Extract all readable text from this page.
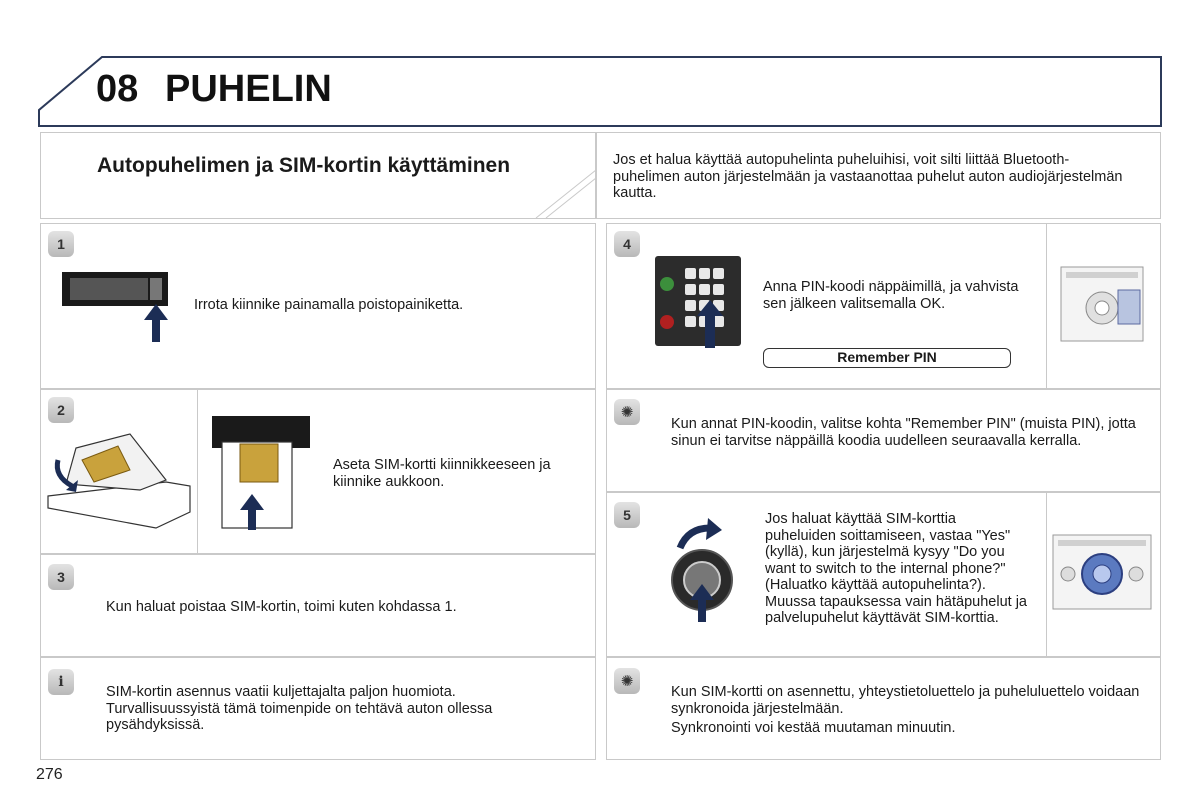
08 PUHELIN
Autopuhelimen ja SIM-kortin käyttäminen	Jos et halua käyttää autopuhelinta puheluihisi, voit silti liittää Bluetooth-puhelimen auton järjestelmään ja vastaanottaa puhelut auton audiojärjestelmän kautta.
1
Irrota kiinnike painamalla poistopainiketta.
2
Aseta SIM-kortti kiinnikkeeseen ja kiinnike aukkoon.
3
Kun haluat poistaa SIM-kortin, toimi kuten kohdassa 1.
i
SIM-kortin asennus vaatii kuljettajalta paljon huomiota. Turvallisuussyistä tämä toimenpide on tehtävä auton ollessa pysähdyksissä.
4
Anna PIN-koodi näppäimillä, ja vahvista sen jälkeen valitsemalla OK.
Remember PIN
✺
Kun annat PIN-koodin, valitse kohta "Remember PIN" (muista PIN), jotta sinun ei tarvitse näppäillä koodia uudelleen seuraavalla kerralla.
5	Jos haluat käyttää SIM-korttia puheluiden soittamiseen, vastaa "Yes" (kyllä), kun järjestelmä kysyy "Do you want to switch to the internal phone?" (Haluatko käyttää autopuhelinta?). Muussa tapauksessa vain hätäpuhelut ja palvelupuhelut käyttävät SIM-korttia.
✺
Kun SIM-kortti on asennettu, yhteystietoluettelo ja puheluluettelo voidaan synkronoida järjestelmään.
Synkronointi voi kestää muutaman minuutin.
276
